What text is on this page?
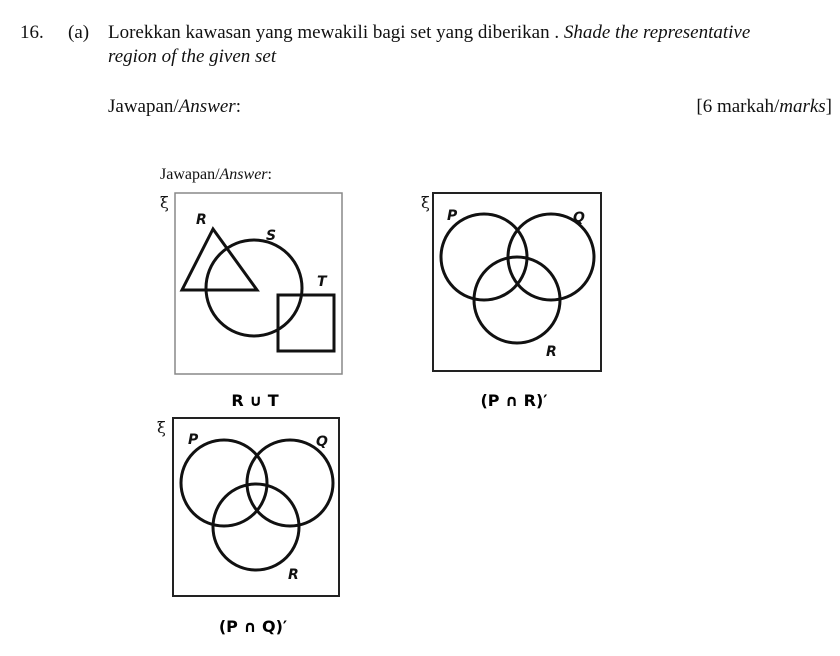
16. (a) Lorekkan kawasan yang mewakili bagi set yang diberikan . Shade the representative
region of the given set
Jawapan/Answer:	[6 markah/marks]
Jawapan/Answer:
ξ
R
S
T
R ∪ T
ξ
P	Q
R
(P ∩ R)′
ξ
P	Q
R
(P ∩ Q)′
